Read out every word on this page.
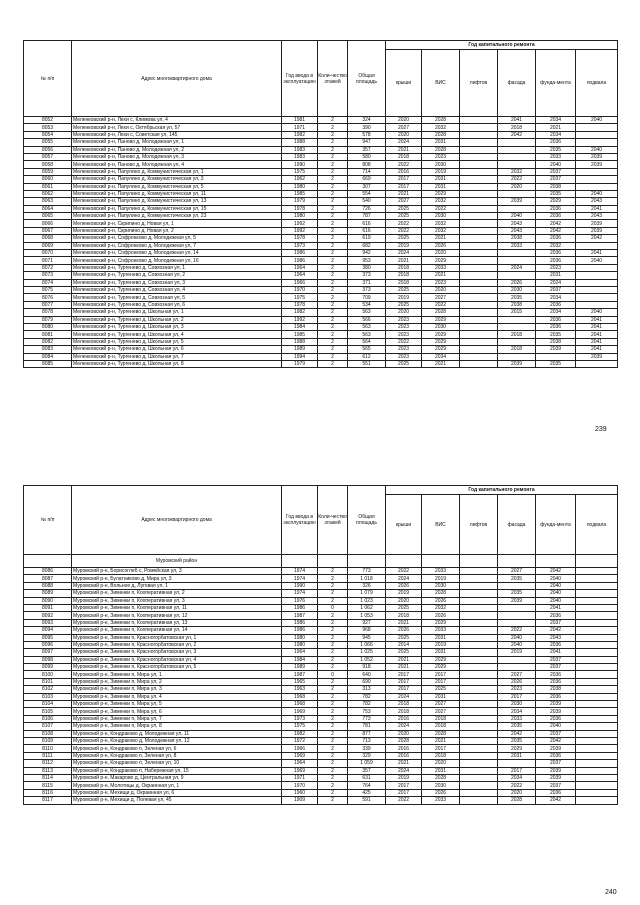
№ п/п	Адрес многоквартирного дома	Год ввода в эксплуатацию	Коли-чество этажей	Общая площадь	Год капитального ремонта					
					крыши	ВИС	лифтов	фасада	фунда-мента	подвала
8052	Меленковский р-н, Лехи с, Климова ул, 4	1981	2	324	2020	2028		2041	2034	2040
8053	Меленковский р-н, Лехи с, Октябрьская ул, 57	1971	2	390	2027	2032		2018	2021	
8054	Меленковский р-н, Лехи с, Советская ул, 145	1982	2	578	2020	2028		2042	2034	
8055	Меленковский р-н, Паново д, Молодежная ул, 1	1988	2	947	2024	2031			2036	
8056	Меленковский р-н, Паново д, Молодежная ул, 2	1983	2	357	2021	2028			2035	2040
8057	Меленковский р-н, Паново д, Молодежная ул, 3	1983	2	580	2018	2023			2033	2039
8058	Меленковский р-н, Паново д, Молодежная ул, 4	1990	2	808	2022	2030			2040	2039
8059	Меленковский р-н, Папулино д, Коммунистическая ул, 1	1975	2	714	2016	2019		2032	2037	
8060	Меленковский р-н, Папулино д, Коммунистическая ул, 3	1962	2	669	2017	2031		2022	2037	
8061	Меленковский р-н, Папулино д, Коммунистическая ул, 5	1980	2	307	2017	2031		2020	2038	
8062	Меленковский р-н, Папулино д, Коммунистическая ул, 11	1985	2	554	2021	2029			2035	2040
8063	Меленковский р-н, Папулино д, Коммунистическая ул, 13	1979	2	540	2027	2032		2039	2029	2043
8064	Меленковский р-н, Папулино д, Коммунистическая ул, 15	1978	2	726	2025	2022			2036	2041
8065	Меленковский р-н, Папулино д, Коммунистическая ул, 23	1980	2	787	2025	2030		2040	2036	2043
8066	Меленковский р-н, Скрипино д, Новая ул, 1	1992	2	616	2022	2032		2043	2042	2039
8067	Меленковский р-н, Скрипино д, Новая ул, 2	1992	2	616	2022	2032		2043	2042	2039
8068	Меленковский р-н, Софронково д, Молодежная ул, 5	1978	2	619	2025	2021		2038	2036	2042
8069	Меленковский р-н, Софронково д, Молодежная ул, 7	1973	2	682	2019	2026		2033	2032	
8070	Меленковский р-н, Софронково д, Молодежная ул, 14	1986	2	942	2024	2020			2036	2041
8071	Меленковский р-н, Софронково д, Молодежная ул, 16	1986	2	953	2021	2029			2036	2040
8072	Меленковский р-н, Тургенево д, Совхозная ул, 1	1964	2	380	2018	2033		2024	2023	
8073	Меленковский р-н, Тургенево д, Совхозная ул, 2	1964	2	373	2018	2021			2031	
8074	Меленковский р-н, Тургенево д, Совхозная ул, 3	1966	2	371	2018	2023		2026	2024	
8075	Меленковский р-н, Тургенево д, Совхозная ул, 4	1970	2	373	2025	2020		2030	2037	
8076	Меленковский р-н, Тургенево д, Совхозная ул, 5	1975	2	709	2019	2027		2035	2034	
8077	Меленковский р-н, Тургенево д, Совхозная ул, 6	1978	2	534	2025	2022		2038	2036	
8078	Меленковский р-н, Тургенево д, Школьная ул, 1	1982	2	563	2020	2028		2015	2034	2040
8079	Меленковский р-н, Тургенево д, Школьная ул, 2	1992	2	566	2023	2029			2036	2041
8080	Меленковский р-н, Тургенево д, Школьная ул, 3	1984	2	563	2023	2030			2036	2041
8081	Меленковский р-н, Тургенево д, Школьная ул, 4	1985	2	563	2023	2029		2018	2035	2041
8082	Меленковский р-н, Тургенево д, Школьная ул, 5	1988	2	564	2022	2029			2038	2041
8083	Меленковский р-н, Тургенево д, Школьная ул, 6	1989	2	565	2023	2029		2018	2039	2041
8084	Меленковский р-н, Тургенево д, Школьная ул, 7	1994	2	612	2023	2034				2039
8085	Меленковский р-н, Тургенево д, Школьная ул, 8	1979	2	551	2025	2021		2039	2035	
239
№ п/п	Адрес многоквартирного дома	Год ввода в эксплуатацию	Коли-чество этажей	Общая площадь	Год капитального ремонта					
					крыши	ВИС	лифтов	фасада	фунда-мента	подвала
	Муромский район									
8086	Муромский р-н, Борисоглеб с, Ромейская ул, 3	1974	2	773	2022	2033		2027	2042	
8087	Муромский р-н, Булатниково д, Мира ул, 3	1974	2	1 018	2024	2019		2035	2040	
8088	Муромский р-н, Вольное д, Луговая ул, 1	1990	2	326	2026	2030			2040	
8089	Муромский р-н, Зименки п, Кооперативная ул, 2	1974	2	1 079	2019	2028		2035	2040	
8090	Муромский р-н, Зименки п, Кооперативная ул, 3	1976	2	1 023	2020	2026		2039	2040	
8091	Муромский р-н, Зименки п, Кооперативная ул, 11	1986	0	1 062	2025	2032			2041	
8092	Муромский р-н, Зименки п, Кооперативная ул, 12	1987	2	1 053	2018	2026			2036	
8093	Муромский р-н, Зименки п, Кооперативная ул, 13	1986	2	927	2021	2029			2037	
8094	Муромский р-н, Зименки п, Кооперативная ул, 14	1986	2	968	2026	2033		2022	2042	
8095	Муромский р-н, Зименки п, Красногорбатовская ул, 1	1980	2	945	2025	2031		2040	2043	
8096	Муромский р-н, Зименки п, Красногорбатовская ул, 2	1980	2	1 066	2014	2019		2040	2036	
8097	Муромский р-н, Зименки п, Красногорбатовская ул, 3	1964	2	1 025	2025	2031		2019	2041	
8098	Муромский р-н, Зименки п, Красногорбатовская ул, 4	1984	2	1 052	2021	2029			2037	
8099	Муромский р-н, Зименки п, Красногорбатовская ул, 5	1989	2	918	2021	2029			2037	
8100	Муромский р-н, Зименки п, Мира ул, 1	1987	0	640	2017	2017		2027	2036	
8101	Муромский р-н, Зименки п, Мира ул, 2	1965	2	690	2017	2017		2026	2036	
8102	Муромский р-н, Зименки п, Мира ул, 3	1963	2	313	2017	2025		2023	2038	
8103	Муромский р-н, Зименки п, Мира ул, 4	1968	2	782	2024	2031		2017	2036	
8104	Муромский р-н, Зименки п, Мира ул, 5	1968	2	782	2018	2027		2030	2039	
8105	Муромский р-н, Зименки п, Мира ул, 6	1969	2	753	2018	2027		2034	2039	
8106	Муромский р-н, Зименки п, Мира ул, 7	1973	2	773	2016	2018		2033	2036	
8107	Муромский р-н, Зименки п, Мира ул, 8	1975	2	781	2024	2018		2035	2040	
8108	Муромский р-н, Кондраково д, Молодежная ул, 11	1982	2	877	2020	2028		2042	2037	
8109	Муромский р-н, Кондраково д, Молодежная ул, 12	1972	2	713	2028	2021		2035	2042	
8110	Муромский р-н, Кондраково п, Зеленая ул, 6	1966	2	339	2016	2017		2029	2039	
8111	Муромский р-н, Кондраково п, Зеленая ул, 8	1969	2	329	2016	2018		2031	2036	
8112	Муромский р-н, Кондраково п, Зеленая ул, 10	1964	2	1 059	2021	2020			2037	
8113	Муромский р-н, Кондраково п, Набережная ул, 15	1969	2	357	2024	2031		2017	2039	
8114	Муромский р-н, Макарово д, Центральная ул, 9	1971	2	631	2019	2028		2034	2039	
8115	Муромский р-н, Молотицы д, Окраинная ул, 1	1970	2	764	2017	2030		2022	2037	
8116	Муромский р-н, Мехищи д, Окраинная ул, 6	1960	2	425	2017	2026		2020	2036	
8117	Муромский р-н, Мехищи д, Полевая ул, 45	1909	2	591	2022	2033		2028	2042	
240
